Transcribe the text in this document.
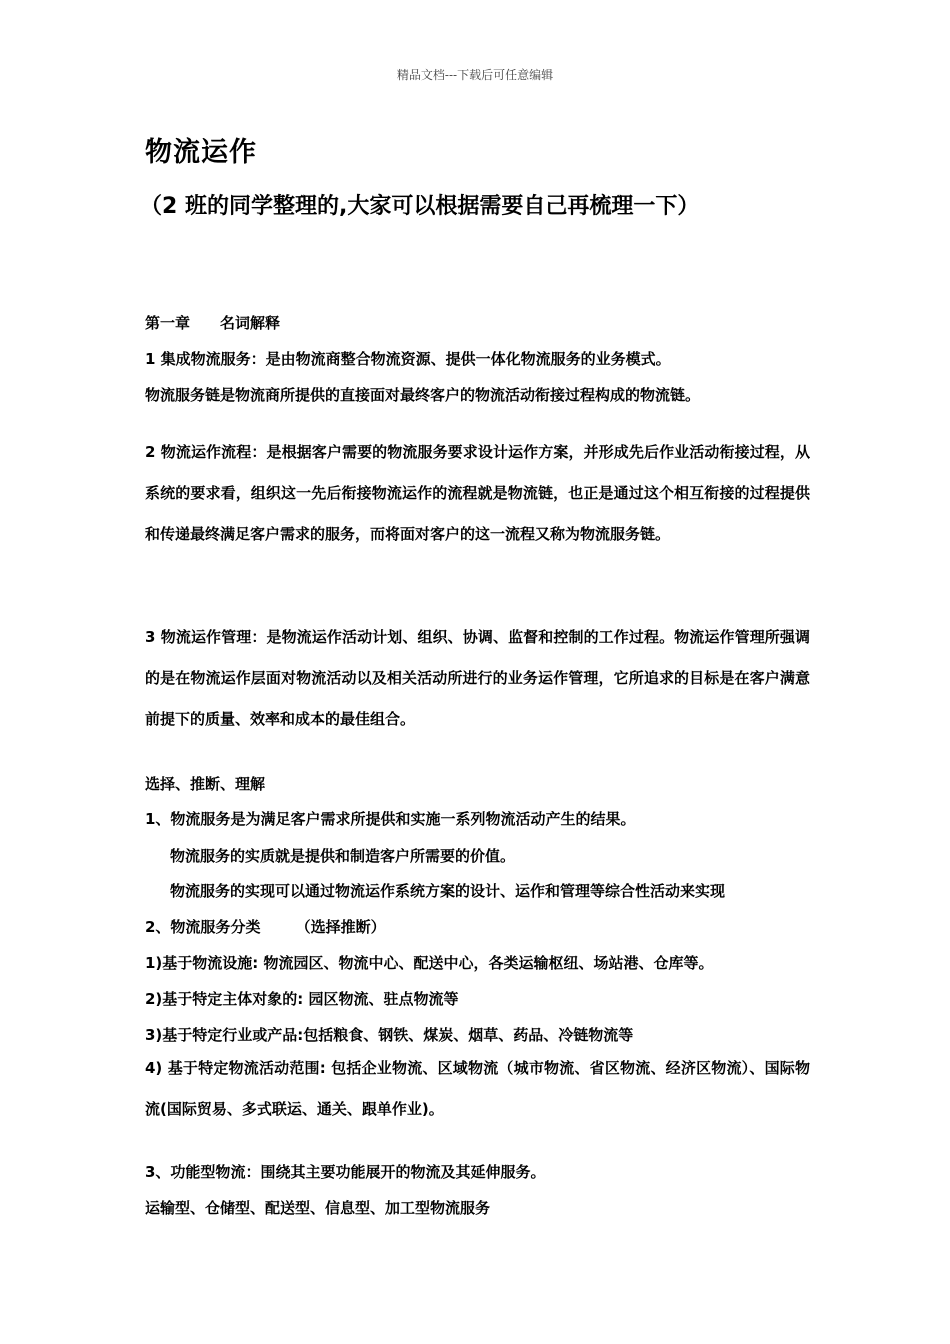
精品文档---下载后可任意编辑
物流运作
（2 班的同学整理的,大家可以根据需要自己再梳理一下）
第一章　　名词解释
1 集成物流服务：是由物流商整合物流资源、提供一体化物流服务的业务模式。
物流服务链是物流商所提供的直接面对最终客户的物流活动衔接过程构成的物流链。
2 物流运作流程：是根据客户需要的物流服务要求设计运作方案，并形成先后作业活动衔接过程，从系统的要求看，组织这一先后衔接物流运作的流程就是物流链，也正是通过这个相互衔接的过程提供和传递最终满足客户需求的服务，而将面对客户的这一流程又称为物流服务链。
3 物流运作管理：是物流运作活动计划、组织、协调、监督和控制的工作过程。物流运作管理所强调的是在物流运作层面对物流活动以及相关活动所进行的业务运作管理，它所追求的目标是在客户满意前提下的质量、效率和成本的最佳组合。
选择、推断、理解
1、物流服务是为满足客户需求所提供和实施一系列物流活动产生的结果。
物流服务的实质就是提供和制造客户所需要的价值。
物流服务的实现可以通过物流运作系统方案的设计、运作和管理等综合性活动来实现
2、物流服务分类　　 （选择推断）
1)基于物流设施: 物流园区、物流中心、配送中心，各类运输枢纽、场站港、仓库等。
2)基于特定主体对象的: 园区物流、驻点物流等
3)基于特定行业或产品:包括粮食、钢铁、煤炭、烟草、药品、冷链物流等
4) 基于特定物流活动范围: 包括企业物流、区域物流（城市物流、省区物流、经济区物流）、国际物流(国际贸易、多式联运、通关、跟单作业)。
3、功能型物流：围绕其主要功能展开的物流及其延伸服务。
运输型、仓储型、配送型、信息型、加工型物流服务
